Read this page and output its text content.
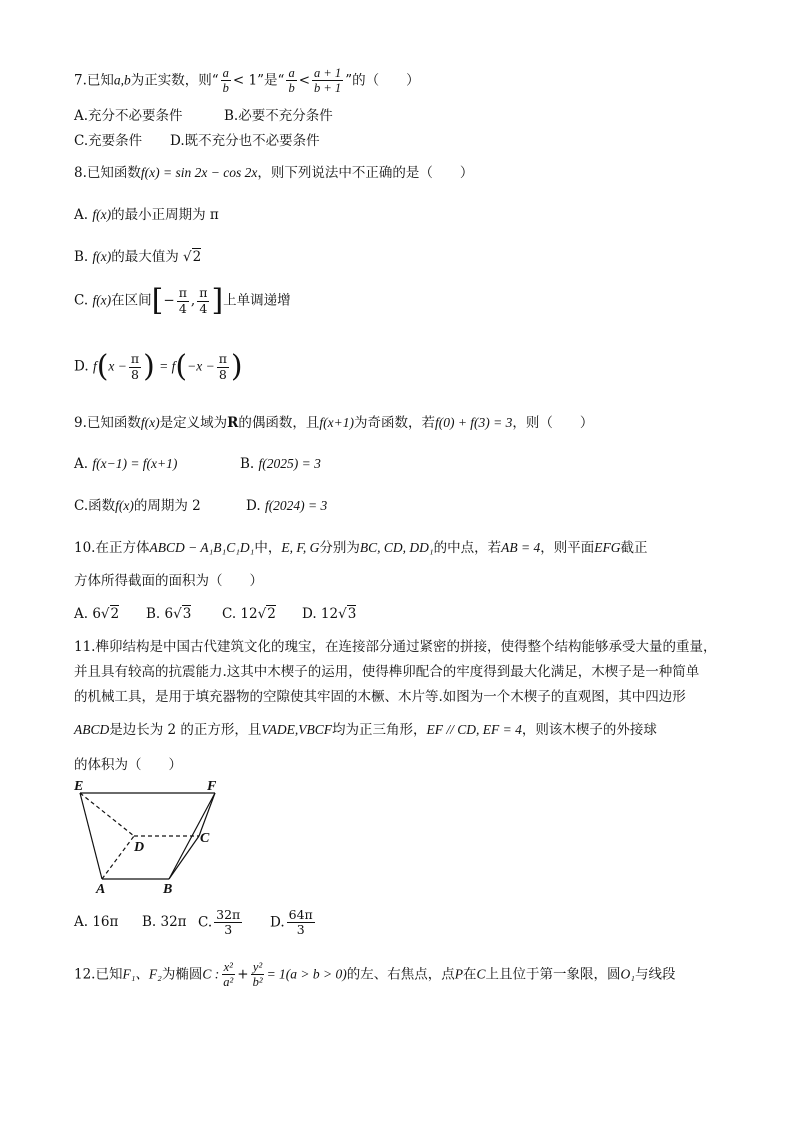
7.已知a,b为正实数，则“ $\frac{a}{b} < 1$”是“ $\frac{a}{b} < \frac{a + 1}{b + 1}$ ”的（　　）
A.充分不必要条件	B.必要不充分条件
C.充要条件 D.既不充分也不必要条件
8.已知函数f(x) = sin 2x − cos 2x，则下列说法中不正确的是（　　）
A. f(x)的最小正周期为 π
B. f(x)的最大值为 √2
C. f(x)在区间[− $\frac{\pi}{4}$ , $\frac{\pi}{4}$ ]上单调递增
D. $f(x - \frac{\pi}{8}$ ) = $f(-x - \frac{\pi}{8}$ )
9.已知函数f(x)是定义域为R的偶函数，且f(x+1)为奇函数，若f(0) + f(3) = 3，则（　　）
A. f(x−1) = f(x+1)	B. f(2025) = 3
C.函数f(x)的周期为 2	D. f(2024) = 3
10.在正方体ABCD − A₁B₁C₁D₁中，E, F, G分别为BC, CD, DD₁的中点，若AB = 4，则平面EFG截正
方体所得截面的面积为（　　）
A. 6√2 B. 6√3 C. 12√2 D. 12√3
11.榫卯结构是中国古代建筑文化的瑰宝，在连接部分通过紧密的拼接，使得整个结构能够承受大量的重量，
并且具有较高的抗震能力.这其中木楔子的运用，使得榫卯配合的牢度得到最大化满足，木楔子是一种简单
的机械工具，是用于填充器物的空隙使其牢固的木橛、木片等.如图为一个木楔子的直观图，其中四边形
ABCD是边长为 2 的正方形，且VADE,VBCF均为正三角形，EF // CD, EF = 4，则该木楔子的外接球
的体积为（　　）
E	F
C
D
A	B
A. 16π B. 32π C. $\frac{32\pi}{3} D$. $\frac{64\pi}{3}$
12.已知F₁、F₂为椭圆C : $\frac{\text{x²}}{\text{a²}} + \frac{\text{y²}}{\text{b²}} = 1(a > b > 0)$的左、右焦点，点P在C上且位于第一象限，圆O₁与线段
